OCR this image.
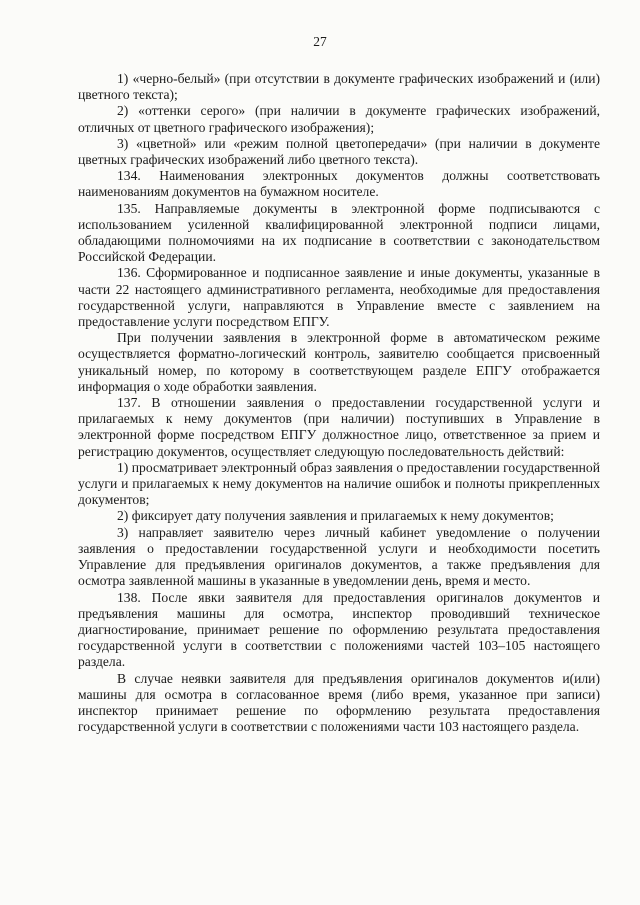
27

1) «черно-белый» (при отсутствии в документе графических изображений и (или) цветного текста);

2) «оттенки серого» (при наличии в документе графических изображений, отличных от цветного графического изображения);

3) «цветной» или «режим полной цветопередачи» (при наличии в документе цветных графических изображений либо цветного текста).

134. Наименования электронных документов должны соответствовать наименованиям документов на бумажном носителе.

135. Направляемые документы в электронной форме подписываются с использованием усиленной квалифицированной электронной подписи лицами, обладающими полномочиями на их подписание в соответствии с законодательством Российской Федерации.

136. Сформированное и подписанное заявление и иные документы, указанные в части 22 настоящего административного регламента, необходимые для предоставления государственной услуги, направляются в Управление вместе с заявлением на предоставление услуги посредством ЕПГУ.

При получении заявления в электронной форме в автоматическом режиме осуществляется форматно-логический контроль, заявителю сообщается присвоенный уникальный номер, по которому в соответствующем разделе ЕПГУ отображается информация о ходе обработки заявления.

137. В отношении заявления о предоставлении государственной услуги и прилагаемых к нему документов (при наличии) поступивших в Управление в электронной форме посредством ЕПГУ должностное лицо, ответственное за прием и регистрацию документов, осуществляет следующую последовательность действий:

1) просматривает электронный образ заявления о предоставлении государственной услуги и прилагаемых к нему документов на наличие ошибок и полноты прикрепленных документов;

2) фиксирует дату получения заявления и прилагаемых к нему документов;

3) направляет заявителю через личный кабинет уведомление о получении заявления о предоставлении государственной услуги и необходимости посетить Управление для предъявления оригиналов документов, а также предъявления для осмотра заявленной машины в указанные в уведомлении день, время и место.

138. После явки заявителя для предоставления оригиналов документов и предъявления машины для осмотра, инспектор проводивший техническое диагностирование, принимает решение по оформлению результата предоставления государственной услуги в соответствии с положениями частей 103–105 настоящего раздела.

В случае неявки заявителя для предъявления оригиналов документов и(или) машины для осмотра в согласованное время (либо время, указанное при записи) инспектор принимает решение по оформлению результата предоставления государственной услуги в соответствии с положениями части 103 настоящего раздела.
